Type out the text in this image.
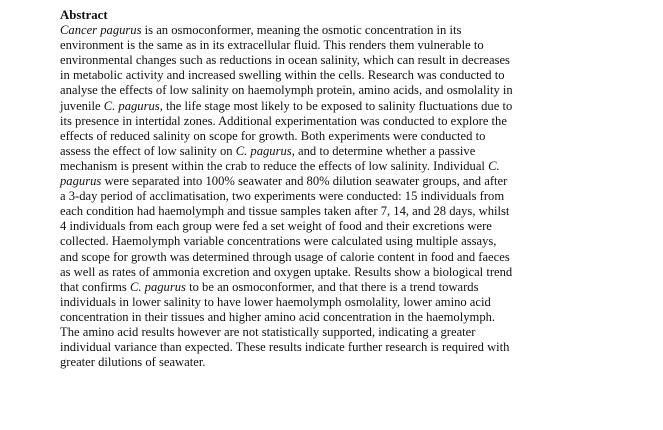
Abstract
Cancer pagurus is an osmoconformer, meaning the osmotic concentration in its
environment is the same as in its extracellular fluid. This renders them vulnerable to
environmental changes such as reductions in ocean salinity, which can result in decreases
in metabolic activity and increased swelling within the cells. Research was conducted to
analyse the effects of low salinity on haemolymph protein, amino acids, and osmolality in
juvenile C. pagurus, the life stage most likely to be exposed to salinity fluctuations due to
its presence in intertidal zones. Additional experimentation was conducted to explore the
effects of reduced salinity on scope for growth. Both experiments were conducted to
assess the effect of low salinity on C. pagurus, and to determine whether a passive
mechanism is present within the crab to reduce the effects of low salinity. Individual C.
pagurus were separated into 100% seawater and 80% dilution seawater groups, and after
a 3-day period of acclimatisation, two experiments were conducted: 15 individuals from
each condition had haemolymph and tissue samples taken after 7, 14, and 28 days, whilst
4 individuals from each group were fed a set weight of food and their excretions were
collected. Haemolymph variable concentrations were calculated using multiple assays,
and scope for growth was determined through usage of calorie content in food and faeces
as well as rates of ammonia excretion and oxygen uptake. Results show a biological trend
that confirms C. pagurus to be an osmoconformer, and that there is a trend towards
individuals in lower salinity to have lower haemolymph osmolality, lower amino acid
concentration in their tissues and higher amino acid concentration in the haemolymph.
The amino acid results however are not statistically supported, indicating a greater
individual variance than expected. These results indicate further research is required with
greater dilutions of seawater.
